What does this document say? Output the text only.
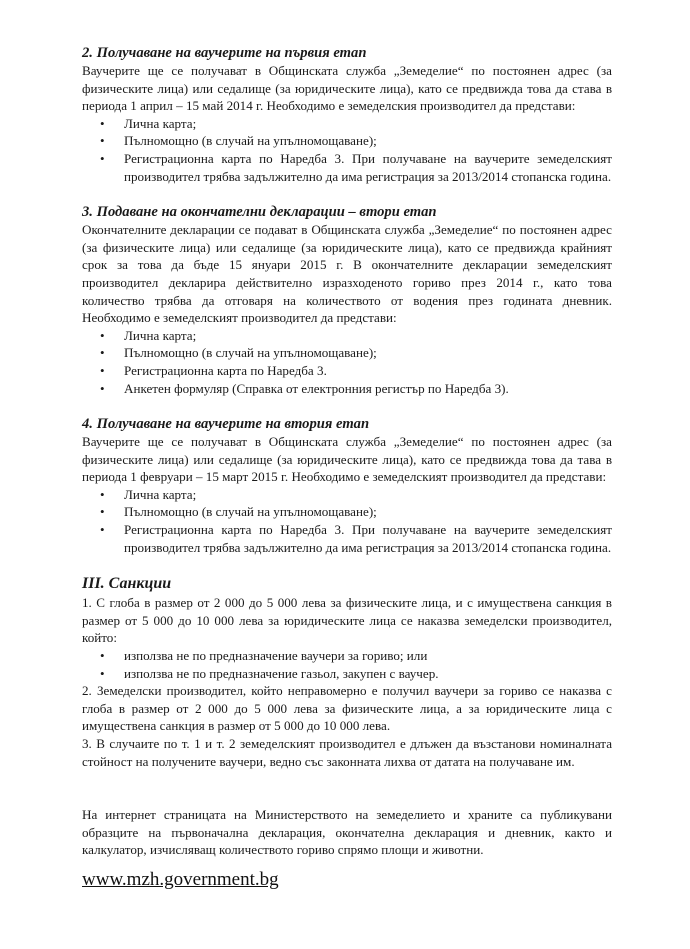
2. Получаване на ваучерите на първия етап

Ваучерите ще се получават в Общинската служба „Земеделие“ по постоянен адрес (за физическите лица) или седалище (за юридическите лица), като се предвижда това да става в периода 1 април – 15 май 2014 г. Необходимо е земеделския производител да представи:

• Лична карта;
• Пълномощно (в случай на упълномощаване);
• Регистрационна карта по Наредба 3. При получаване на ваучерите земеделският производител трябва задължително да има регистрация за 2013/2014 стопанска година.
3. Подаване на окончателни декларации – втори етап

Окончателните декларации се подават в Общинската служба „Земеделие“ по постоянен адрес (за физическите лица) или седалище (за юридическите лица), като се предвижда крайният срок за това да бъде 15 януари 2015 г. В окончателните декларации земеделският производител декларира действително изразходеното гориво през 2014 г., като това количество трябва да отговаря на количеството от водения през годината дневник. Необходимо е земеделският производител да представи:

• Лична карта;
• Пълномощно (в случай на упълномощаване);
• Регистрационна карта по Наредба 3.
• Анкетен формуляр (Справка от електронния регистър по Наредба 3).
4. Получаване на ваучерите на втория етап

Ваучерите ще се получават в Общинската служба „Земеделие“ по постоянен адрес (за физическите лица) или седалище (за юридическите лица), като се предвижда това да тава в периода 1 февруари – 15 март 2015 г. Необходимо е земеделският производител да представи:

• Лична карта;
• Пълномощно (в случай на упълномощаване);
• Регистрационна карта по Наредба 3. При получаване на ваучерите земеделският производител трябва задължително да има регистрация за 2013/2014 стопанска година.
III. Санкции

1. С глоба в размер от 2 000 до 5 000 лева за физическите лица, и с имуществена санкция в размер от 5 000 до 10 000 лева за юридическите лица се наказва земеделски производител, който:

• използва не по предназначение ваучери за гориво; или
• използва не по предназначение газьол, закупен с ваучер.

2. Земеделски производител, който неправомерно е получил ваучери за гориво се наказва с глоба в размер от 2 000 до 5 000 лева за физическите лица, а за юридическите лица с имуществена санкция в размер от 5 000 до 10 000 лева.

3. В случаите по т. 1 и т. 2 земеделският производител е длъжен да възстанови номиналната стойност на получените ваучери, ведно със законната лихва от датата на получаване им.

На интернет страницата на Министерството на земеделието и храните са публикувани образците на първоначална декларация, окончателна декларация и дневник, както и калкулатор, изчисляващ количеството гориво спрямо площи и животни.

www.mzh.government.bg
